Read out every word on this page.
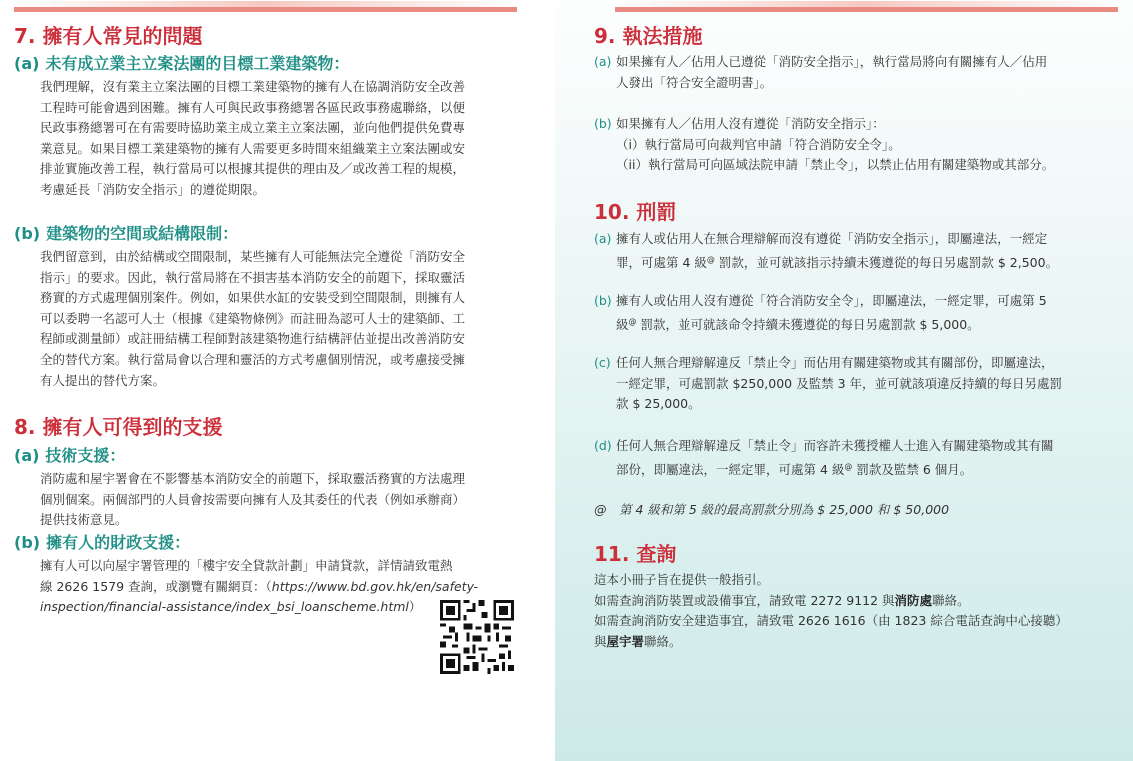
7. 擁有人常見的問題
(a) 未有成立業主立案法團的目標工業建築物：
我們理解，沒有業主立案法團的目標工業建築物的擁有人在協調消防安全改善
工程時可能會遇到困難。擁有人可與民政事務總署各區民政事務處聯絡，以便
民政事務總署可在有需要時協助業主成立業主立案法團，並向他們提供免費專
業意見。如果目標工業建築物的擁有人需要更多時間來組織業主立案法團或安
排並實施改善工程，執行當局可以根據其提供的理由及／或改善工程的規模，
考慮延長「消防安全指示」的遵從期限。
(b) 建築物的空間或結構限制：
我們留意到，由於結構或空間限制，某些擁有人可能無法完全遵從「消防安全
指示」的要求。因此，執行當局將在不損害基本消防安全的前題下，採取靈活
務實的方式處理個別案件。例如，如果供水缸的安裝受到空間限制，則擁有人
可以委聘一名認可人士（根據《建築物條例》而註冊為認可人士的建築師、工
程師或測量師）或註冊結構工程師對該建築物進行結構評估並提出改善消防安
全的替代方案。執行當局會以合理和靈活的方式考慮個別情況，或考慮接受擁
有人提出的替代方案。
8. 擁有人可得到的支援
(a) 技術支援：
消防處和屋宇署會在不影響基本消防安全的前題下，採取靈活務實的方法處理
個別個案。兩個部門的人員會按需要向擁有人及其委任的代表（例如承辦商）
提供技術意見。
(b) 擁有人的財政支援：
擁有人可以向屋宇署管理的「樓宇安全貸款計劃」申請貸款，詳情請致電熱
線 2626 1579 查詢，或瀏覽有關網頁：（https://www.bd.gov.hk/en/safety-
inspection/financial-assistance/index_bsi_loanscheme.html）
9. 執法措施
(a) 如果擁有人／佔用人已遵從「消防安全指示」，執行當局將向有關擁有人／佔用
人發出「符合安全證明書」。
(b) 如果擁有人／佔用人沒有遵從「消防安全指示」：
（i）執行當局可向裁判官申請「符合消防安全令」。
（ii）執行當局可向區域法院申請「禁止令」，以禁止佔用有關建築物或其部分。
10. 刑罰
(a) 擁有人或佔用人在無合理辯解而沒有遵從「消防安全指示」，即屬違法，一經定
罪，可處第 4 級@ 罰款，並可就該指示持續未獲遵從的每日另處罰款 $ 2,500。
(b) 擁有人或佔用人沒有遵從「符合消防安全令」，即屬違法，一經定罪，可處第 5
級@ 罰款，並可就該命令持續未獲遵從的每日另處罰款 $ 5,000。
(c) 任何人無合理辯解違反「禁止令」而佔用有關建築物或其有關部份，即屬違法，
一經定罪，可處罰款 $250,000 及監禁 3 年，並可就該項違反持續的每日另處罰
款 $ 25,000。
(d) 任何人無合理辯解違反「禁止令」而容許未獲授權人士進入有關建築物或其有關
部份，即屬違法，一經定罪，可處第 4 級@ 罰款及監禁 6 個月。
@　第 4 級和第 5 級的最高罰款分別為 $ 25,000 和 $ 50,000
11. 查詢
這本小冊子旨在提供一般指引。
如需查詢消防裝置或設備事宜，請致電 2272 9112 與消防處聯絡。
如需查詢消防安全建造事宜，請致電 2626 1616（由 1823 綜合電話查詢中心接聽）
與屋宇署聯絡。
